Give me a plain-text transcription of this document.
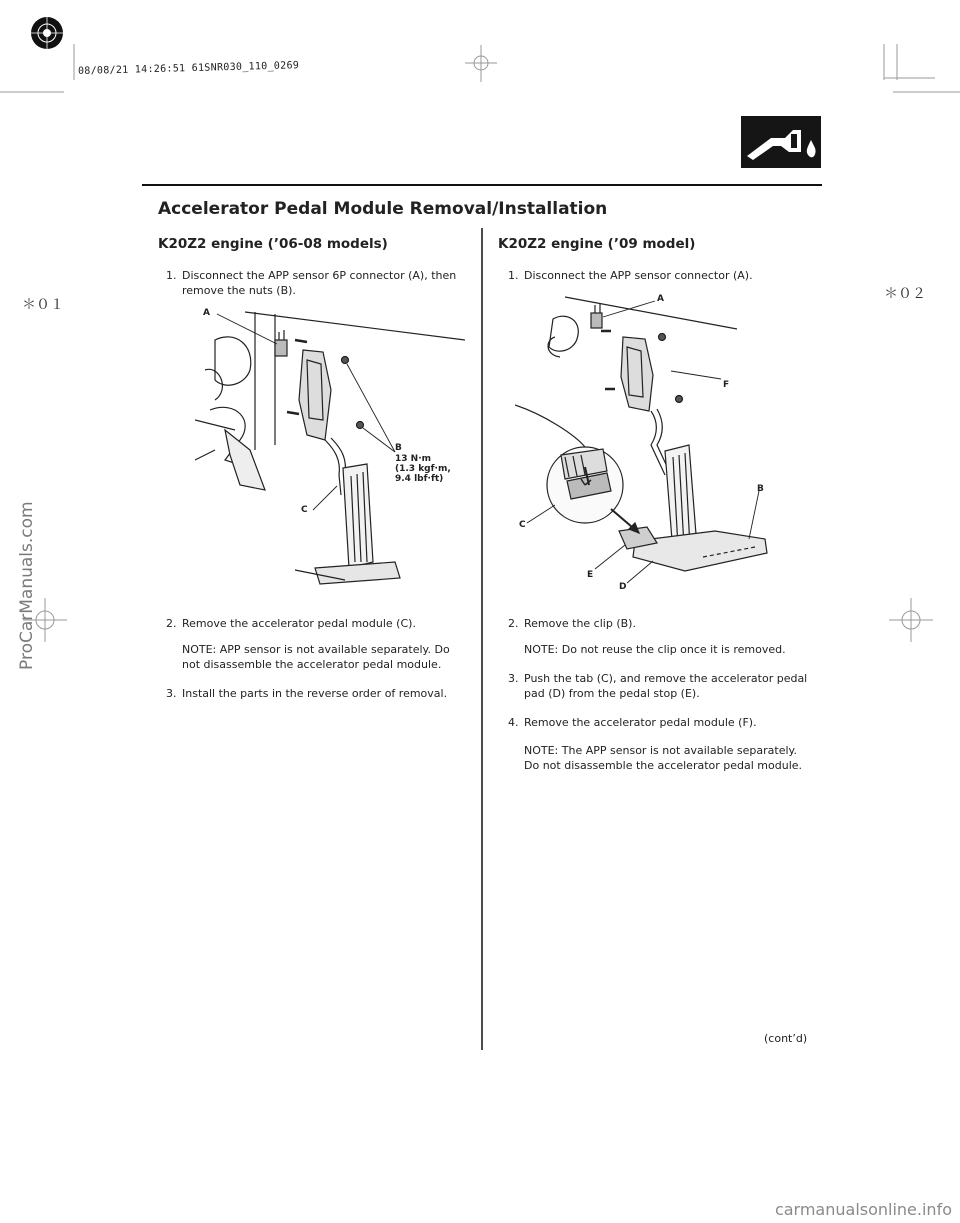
08/08/21 14:26:51 61SNR030_110_0269
Accelerator Pedal Module Removal/Installation
＊０１
＊０２
K20Z2 engine (’06-08 models)
1. Disconnect the APP sensor 6P connector (A), then remove the nuts (B).
A
B
13 N·m
(1.3 kgf·m,
9.4 lbf·ft)
C
2. Remove the accelerator pedal module (C).
NOTE: APP sensor is not available separately. Do not disassemble the accelerator pedal module.
3. Install the parts in the reverse order of removal.
K20Z2 engine (’09 model)
1. Disconnect the APP sensor connector (A).
A
F
B
C
E
D
2. Remove the clip (B).
NOTE: Do not reuse the clip once it is removed.
3. Push the tab (C), and remove the accelerator pedal pad (D) from the pedal stop (E).
4. Remove the accelerator pedal module (F).
NOTE: The APP sensor is not available separately. Do not disassemble the accelerator pedal module.
(cont’d)
ProCarManuals.com
carmanualsonline.info
